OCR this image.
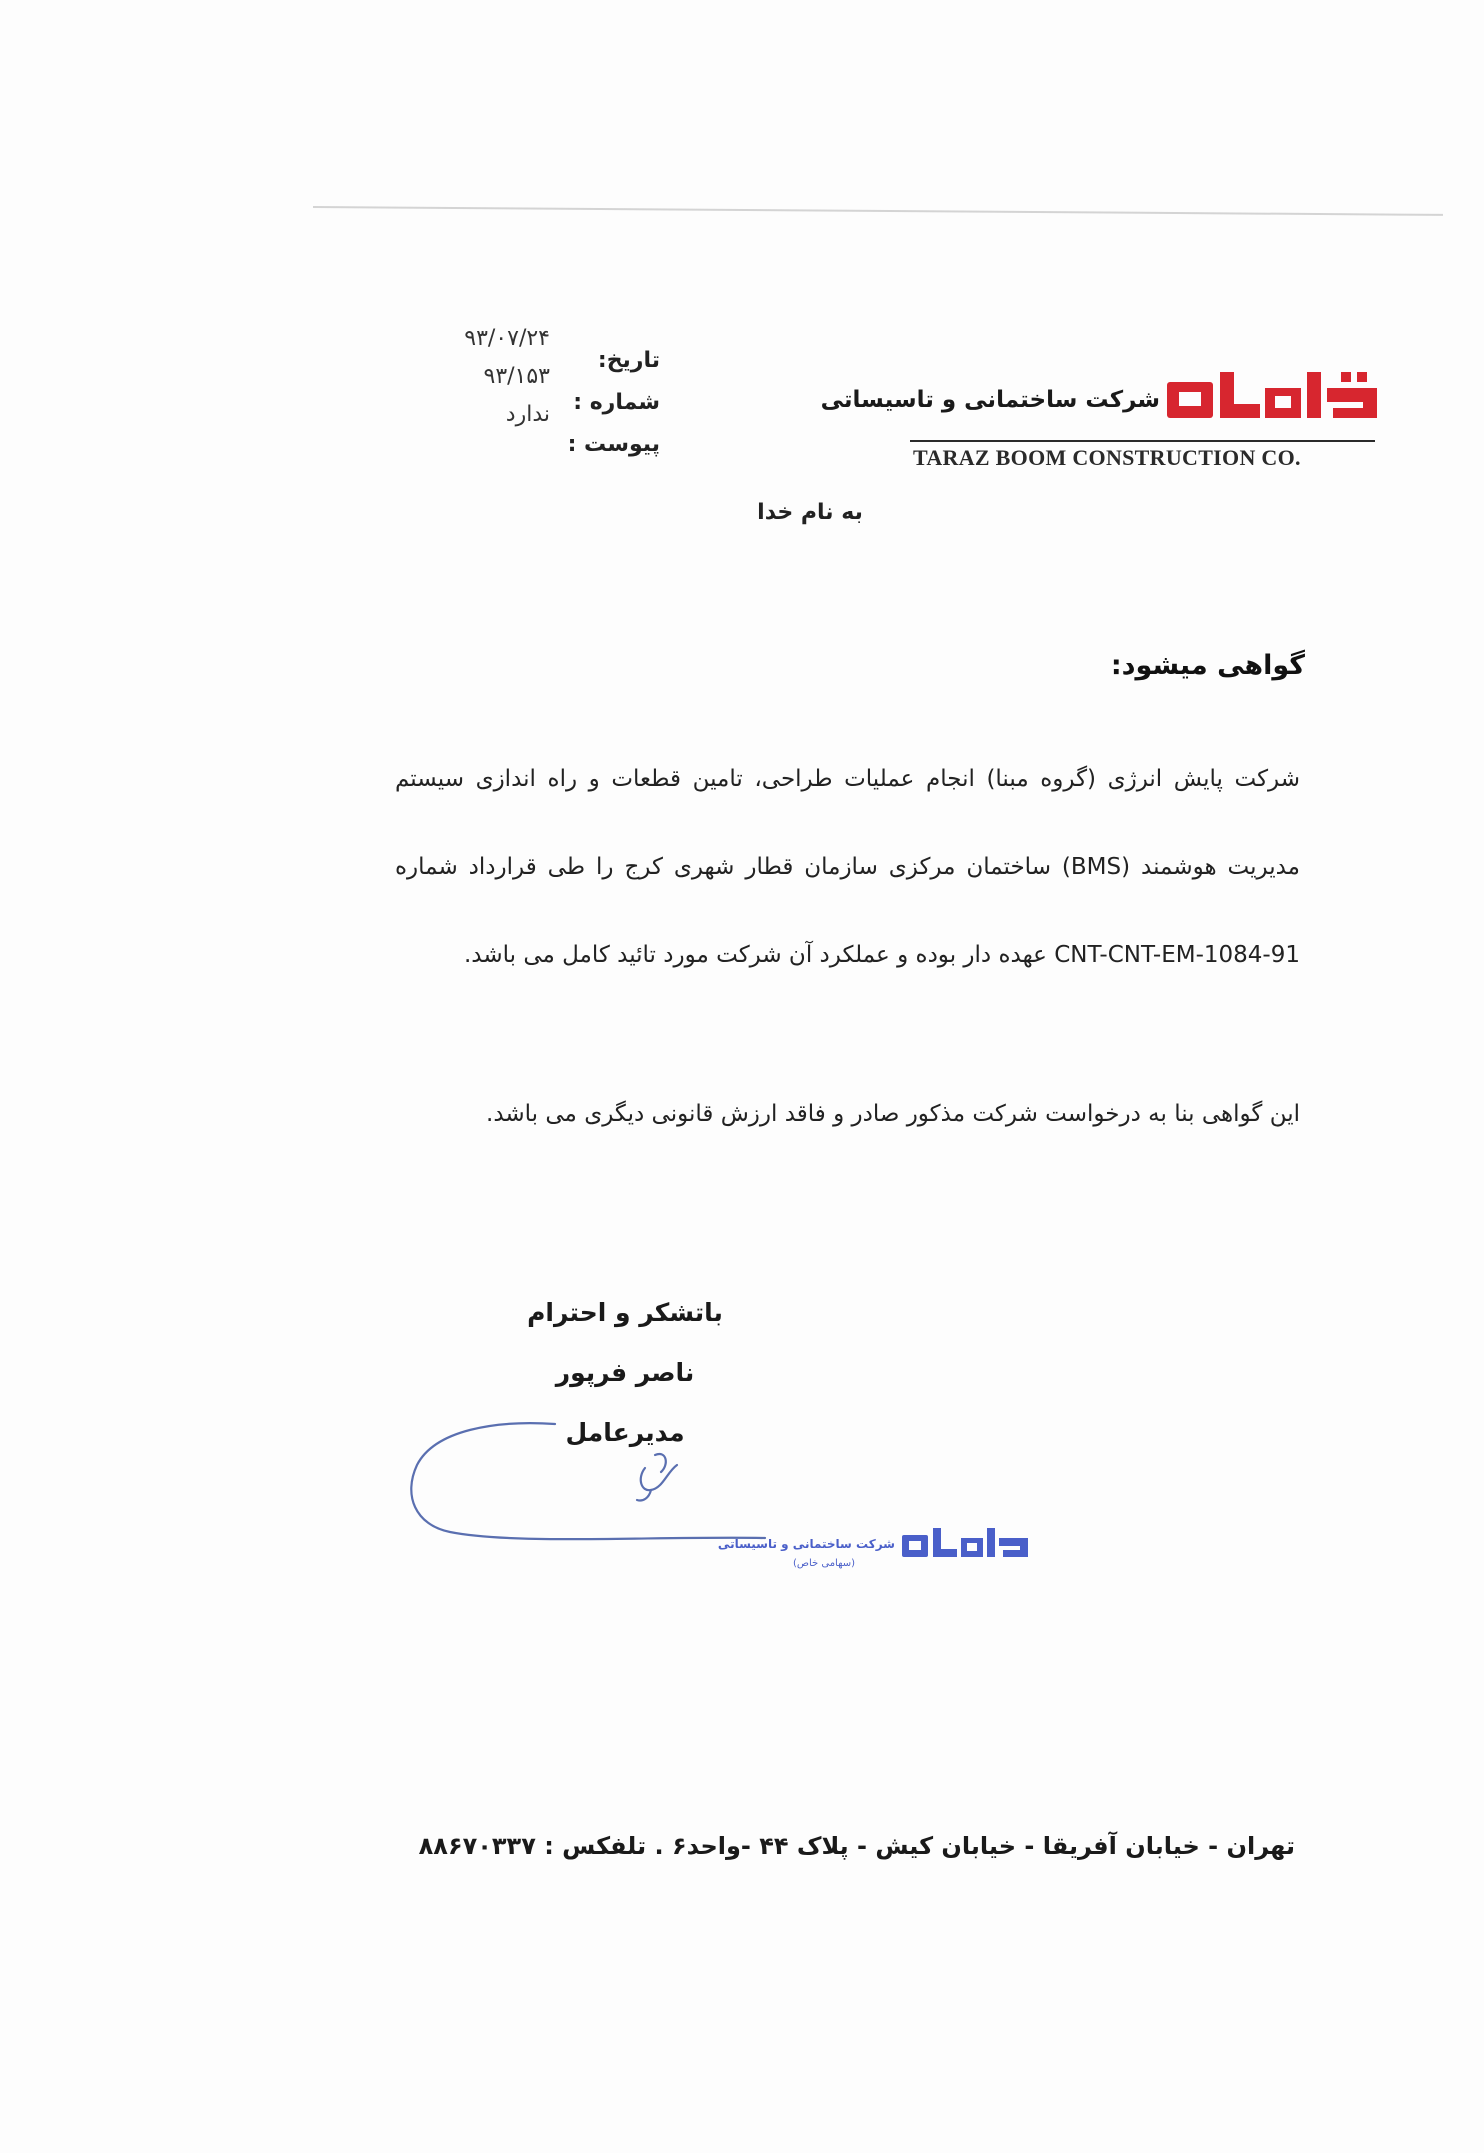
شرکت ساختمانی و تاسیساتی
TARAZ BOOM CONSTRUCTION CO.
تاریخ:
شماره :
پیوست :
۹۳/۰۷/۲۴
۹۳/۱۵۳
ندارد
به نام خدا
گواهی میشود:
شرکت پایش انرژی (گروه مبنا) انجام عملیات طراحی، تامین قطعات و راه اندازی سیستم مدیریت هوشمند (BMS) ساختمان مرکزی سازمان قطار شهری کرج را طی قرارداد شماره CNT-CNT-EM-1084-91 عهده دار بوده و عملکرد آن شرکت مورد تائید کامل می باشد.
این گواهی بنا به درخواست شرکت مذکور صادر و فاقد ارزش قانونی دیگری می باشد.
باتشکر و احترام
ناصر فرپور
مدیرعامل
شرکت ساختمانی و تاسیساتی
(سهامی خاص)
تهران - خیابان آفریقا - خیابان کیش - پلاک ۴۴ -واحد۶ . تلفکس : ۸۸۶۷۰۳۳۷
